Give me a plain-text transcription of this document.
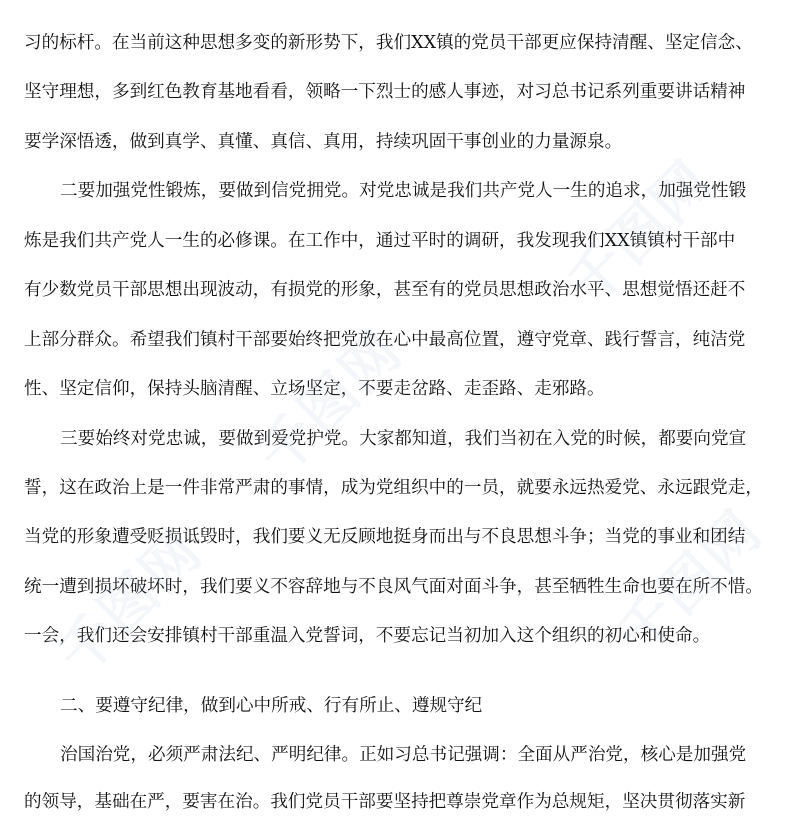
习的标杆。在当前这种思想多变的新形势下，我们XX镇的党员干部更应保持清醒、坚定信念、
坚守理想，多到红色教育基地看看，领略一下烈士的感人事迹，对习总书记系列重要讲话精神
要学深悟透，做到真学、真懂、真信、真用，持续巩固干事创业的力量源泉。
二要加强党性锻炼，要做到信党拥党。对党忠诚是我们共产党人一生的追求，加强党性锻
炼是我们共产党人一生的必修课。在工作中，通过平时的调研，我发现我们XX镇镇村干部中
有少数党员干部思想出现波动，有损党的形象，甚至有的党员思想政治水平、思想觉悟还赶不
上部分群众。希望我们镇村干部要始终把党放在心中最高位置，遵守党章、践行誓言，纯洁党
性、坚定信仰，保持头脑清醒、立场坚定，不要走岔路、走歪路、走邪路。
三要始终对党忠诚，要做到爱党护党。大家都知道，我们当初在入党的时候，都要向党宣
誓，这在政治上是一件非常严肃的事情，成为党组织中的一员，就要永远热爱党、永远跟党走，
当党的形象遭受贬损诋毁时，我们要义无反顾地挺身而出与不良思想斗争；当党的事业和团结
统一遭到损坏破坏时，我们要义不容辞地与不良风气面对面斗争，甚至牺牲生命也要在所不惜。
一会，我们还会安排镇村干部重温入党誓词，不要忘记当初加入这个组织的初心和使命。
二、要遵守纪律，做到心中所戒、行有所止、遵规守纪
治国治党，必须严肃法纪、严明纪律。正如习总书记强调：全面从严治党，核心是加强党
的领导，基础在严，要害在治。我们党员干部要坚持把尊崇党章作为总规矩，坚决贯彻落实新
千图网
千图网
千图网	千图网
